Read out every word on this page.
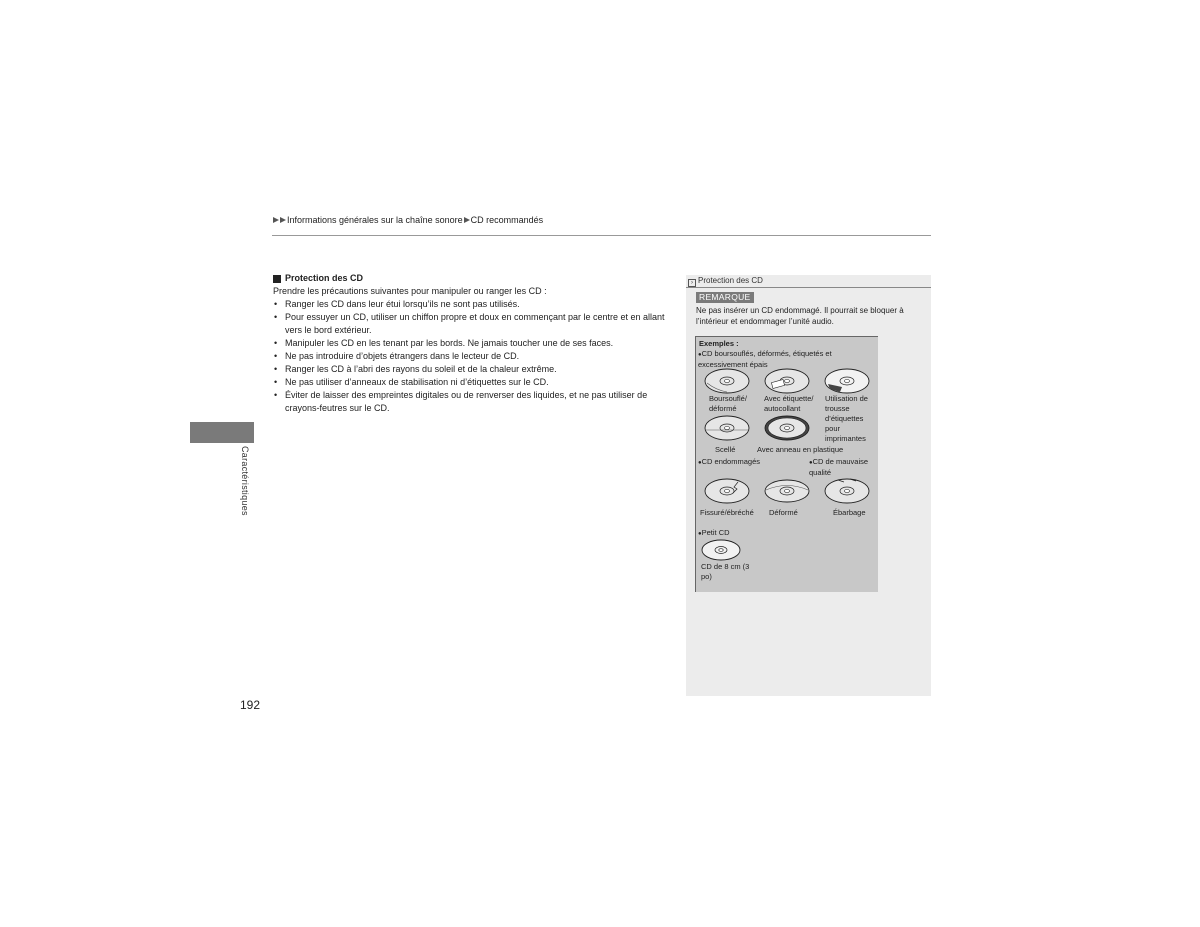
Informations générales sur la chaîne sonore CD recommandés
Caractéristiques
192
Protection des CD

Prendre les précautions suivantes pour manipuler ou ranger les CD :

• Ranger les CD dans leur étui lorsqu’ils ne sont pas utilisés.
• Pour essuyer un CD, utiliser un chiffon propre et doux en commençant par le centre et en allant vers le bord extérieur.
• Manipuler les CD en les tenant par les bords. Ne jamais toucher une de ses faces.
• Ne pas introduire d’objets étrangers dans le lecteur de CD.
• Ranger les CD à l’abri des rayons du soleil et de la chaleur extrême.
• Ne pas utiliser d’anneaux de stabilisation ni d’étiquettes sur le CD.
• Éviter de laisser des empreintes digitales ou de renverser des liquides, et ne pas utiliser de crayons-feutres sur le CD.
› Protection des CD
REMARQUE
Ne pas insérer un CD endommagé. Il pourrait se bloquer à l’intérieur et endommager l’unité audio.
Exemples :
● CD boursouflés, déformés, étiquetés et excessivement épais
Boursouflé/ déformé
Avec étiquette/ autocollant
Utilisation de trousse d’étiquettes pour imprimantes
Scellé	Avec anneau en plastique
● CD endommagés
●	CD de mauvaise qualité
Fissuré/ébréché Déformé	Ébarbage
● Petit CD
CD de 8 cm (3 po)
